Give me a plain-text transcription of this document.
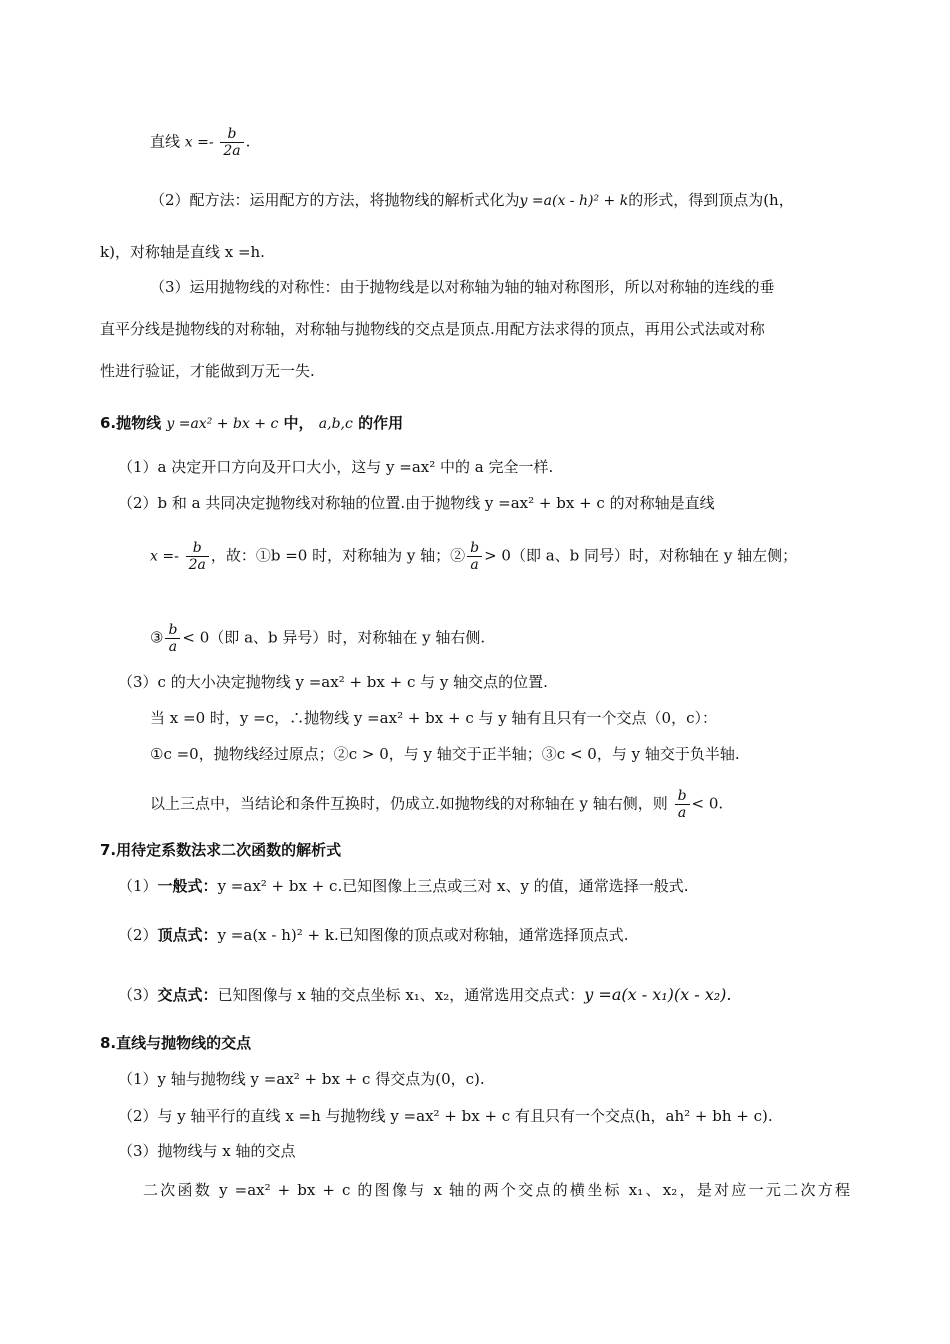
直线 $x =- \frac{b}{2a}$ .
（2）配方法：运用配方的方法，将抛物线的解析式化为y =a(x - h)² + k的形式，得到顶点为(h，
k)，对称轴是直线 x =h.
（3）运用抛物线的对称性：由于抛物线是以对称轴为轴的轴对称图形，所以对称轴的连线的垂
直平分线是抛物线的对称轴，对称轴与抛物线的交点是顶点.用配方法求得的顶点，再用公式法或对称
性进行验证，才能做到万无一失.
6.抛物线 y =ax² + bx + c 中， a,b,c 的作用
（1）a 决定开口方向及开口大小，这与 y =ax² 中的 a 完全一样.
（2）b 和 a 共同决定抛物线对称轴的位置.由于抛物线 y =ax² + bx + c 的对称轴是直线
$x =- \frac{b}{2a}$ ，故：①b =0 时，对称轴为 y 轴；② $\frac{b}{a} > 0$（即 a、b 同号）时，对称轴在 y 轴左侧；
③ $\frac{b}{a} < 0$（即 a、b 异号）时，对称轴在 y 轴右侧.
（3）c 的大小决定抛物线 y =ax² + bx + c 与 y 轴交点的位置.
当 x =0 时，y =c，∴抛物线 y =ax² + bx + c 与 y 轴有且只有一个交点（0，c）：
①c =0，抛物线经过原点；②c > 0，与 y 轴交于正半轴；③c < 0，与 y 轴交于负半轴.
以上三点中，当结论和条件互换时，仍成立.如抛物线的对称轴在 y 轴右侧，则 $\frac{b}{a} < 0$.
7.用待定系数法求二次函数的解析式
（1）一般式：y =ax² + bx + c.已知图像上三点或三对 x、y 的值，通常选择一般式.
（2）顶点式：y =a(x - h)² + k.已知图像的顶点或对称轴，通常选择顶点式.
（3）交点式：已知图像与 x 轴的交点坐标 x₁、x₂，通常选用交点式：y =a(x - x₁)(x - x₂).
8.直线与抛物线的交点
（1）y 轴与抛物线 y =ax² + bx + c 得交点为(0，c).
（2）与 y 轴平行的直线 x =h 与抛物线 y =ax² + bx + c 有且只有一个交点(h，ah² + bh + c).
（3）抛物线与 x 轴的交点
二次函数 y =ax² + bx + c 的图像与 x 轴的两个交点的横坐标 x₁、x₂，是对应一元二次方程
